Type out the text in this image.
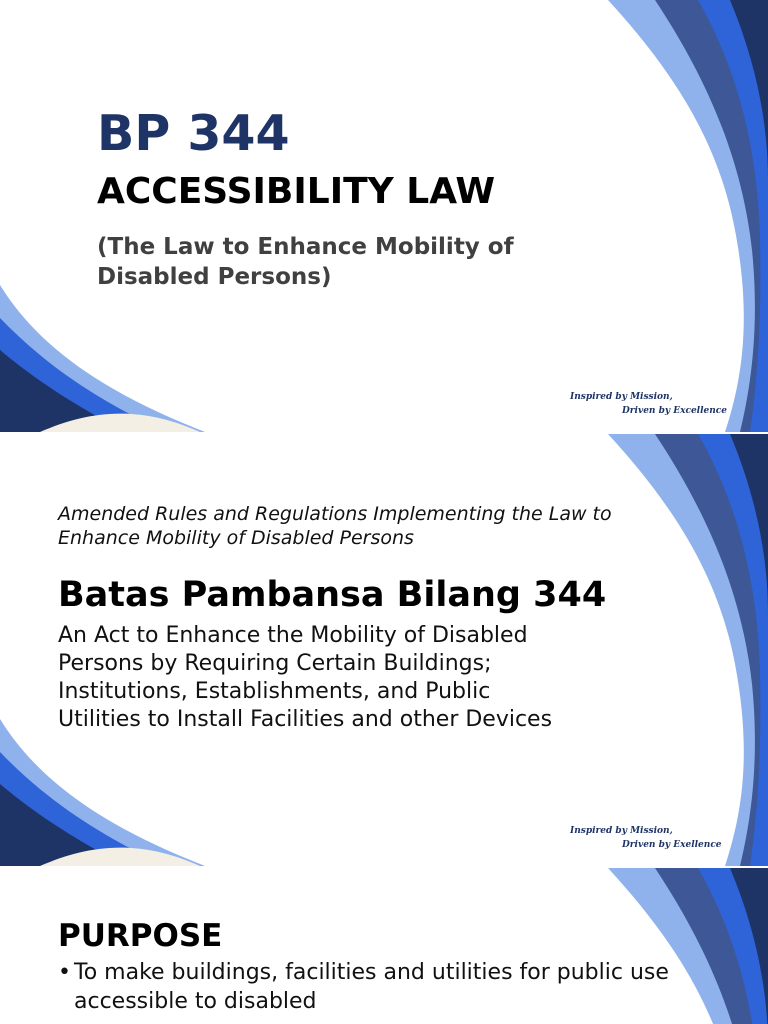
BP 344
ACCESSIBILITY LAW

(The Law to Enhance Mobility of Disabled Persons)

Inspired by Mission,
Driven by Excellence

Amended Rules and Regulations Implementing the Law to Enhance Mobility of Disabled Persons

Batas Pambansa Bilang 344

An Act to Enhance the Mobility of Disabled Persons by Requiring Certain Buildings; Institutions, Establishments, and Public Utilities to Install Facilities and other Devices

Inspired by Mission,
Driven by Exellence
PURPOSE
• To make buildings, facilities and utilities for public use accessible to disabled
